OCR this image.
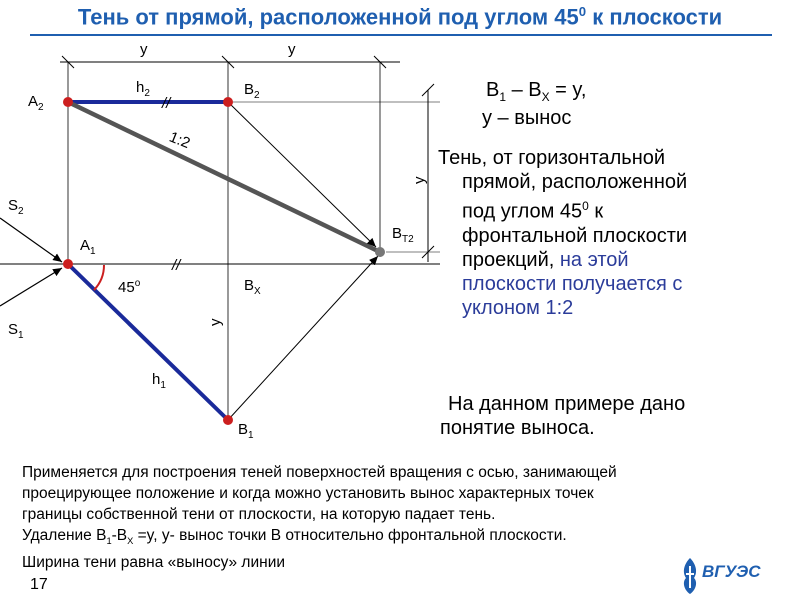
Тень от прямой, расположенной под углом $45^0$ к плоскости
y	y
y
//
1:2
//
y
$45^о$
$A_2$
$h_2$	$B_2$
$S_2$
$A_1$
$B_{T2}$
$B_X$
$S_1$
$h_1$
$B_1$
$B_1 - B_X = y$,
y – вынос
Тень, от горизонтальной
прямой, расположенной
под углом $45^0$ к
фронтальной плоскости
проекций, на этой
плоскости получается с
уклоном 1:2
На данном примере дано
понятие выноса.
Применяется для построения теней поверхностей вращения с осью, занимающей
проецирующее положение и когда можно установить вынос характерных точек
границы собственной тени от плоскости, на которую падает тень.
Удаление $B_1-B_X =y$, y- вынос точки B относительно фронтальной плоскости.
Ширина тени равна «выносу» линии
17
ВГУЭС
